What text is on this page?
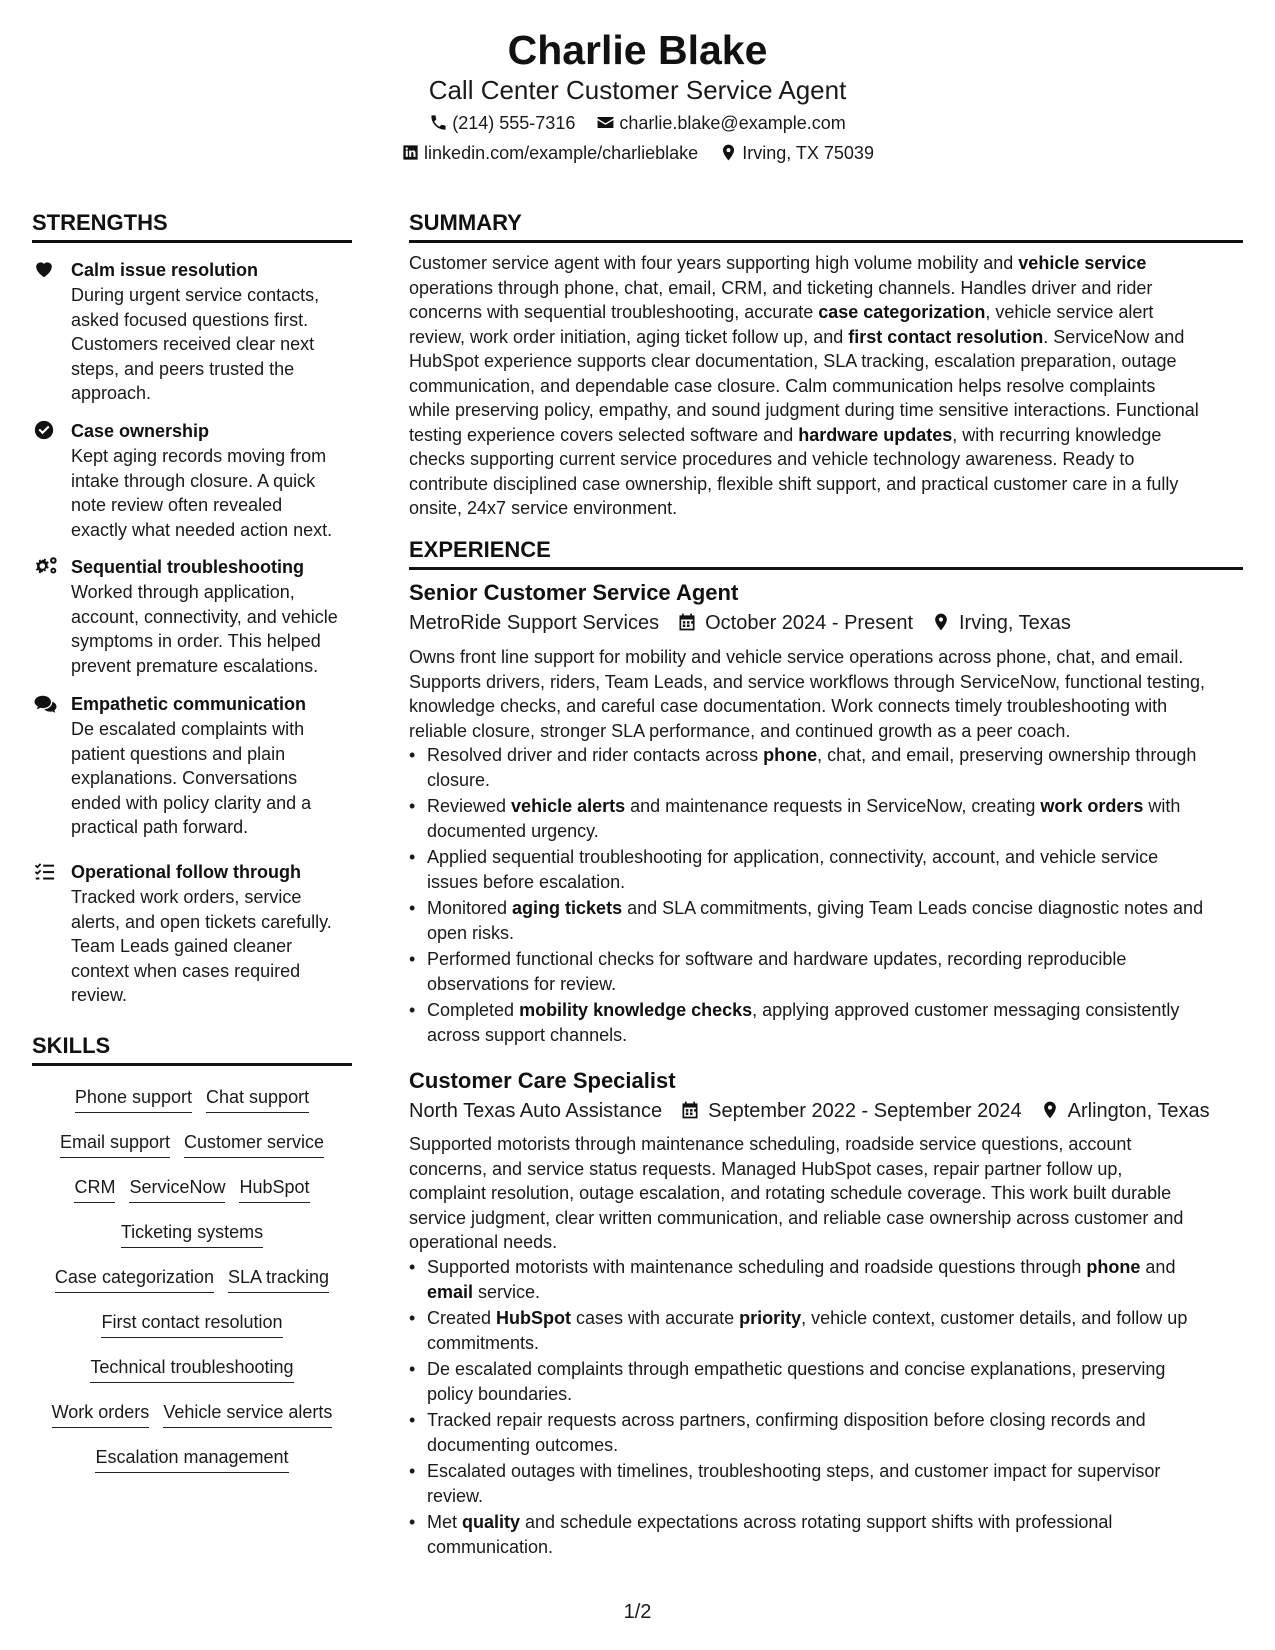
Charlie Blake
Call Center Customer Service Agent
(214) 555-7316 charlie.blake@example.com
linkedin.com/example/charlieblake Irving, TX 75039
STRENGTHS
Calm issue resolution
During urgent service contacts,
asked focused questions first.
Customers received clear next
steps, and peers trusted the
approach.
Case ownership
Kept aging records moving from
intake through closure. A quick
note review often revealed
exactly what needed action next.
Sequential troubleshooting
Worked through application,
account, connectivity, and vehicle
symptoms in order. This helped
prevent premature escalations.
Empathetic communication
De escalated complaints with
patient questions and plain
explanations. Conversations
ended with policy clarity and a
practical path forward.
Operational follow through
Tracked work orders, service
alerts, and open tickets carefully.
Team Leads gained cleaner
context when cases required
review.
SKILLS
Phone support Chat support
Email support Customer service
CRM ServiceNow HubSpot
Ticketing systems
Case categorization SLA tracking
First contact resolution
Technical troubleshooting
Work orders Vehicle service alerts
Escalation management
SUMMARY
Customer service agent with four years supporting high volume mobility and vehicle service
operations through phone, chat, email, CRM, and ticketing channels. Handles driver and rider
concerns with sequential troubleshooting, accurate case categorization, vehicle service alert
review, work order initiation, aging ticket follow up, and first contact resolution. ServiceNow and
HubSpot experience supports clear documentation, SLA tracking, escalation preparation, outage
communication, and dependable case closure. Calm communication helps resolve complaints
while preserving policy, empathy, and sound judgment during time sensitive interactions. Functional
testing experience covers selected software and hardware updates, with recurring knowledge
checks supporting current service procedures and vehicle technology awareness. Ready to
contribute disciplined case ownership, flexible shift support, and practical customer care in a fully
onsite, 24x7 service environment.
EXPERIENCE
Senior Customer Service Agent
MetroRide Support Services October 2024 - Present Irving, Texas
Owns front line support for mobility and vehicle service operations across phone, chat, and email.
Supports drivers, riders, Team Leads, and service workflows through ServiceNow, functional testing,
knowledge checks, and careful case documentation. Work connects timely troubleshooting with
reliable closure, stronger SLA performance, and continued growth as a peer coach.
• Resolved driver and rider contacts across phone, chat, and email, preserving ownership through
closure.
• Reviewed vehicle alerts and maintenance requests in ServiceNow, creating work orders with
documented urgency.
• Applied sequential troubleshooting for application, connectivity, account, and vehicle service
issues before escalation.
• Monitored aging tickets and SLA commitments, giving Team Leads concise diagnostic notes and
open risks.
• Performed functional checks for software and hardware updates, recording reproducible
observations for review.
• Completed mobility knowledge checks, applying approved customer messaging consistently
across support channels.
Customer Care Specialist
North Texas Auto Assistance September 2022 - September 2024 Arlington, Texas
Supported motorists through maintenance scheduling, roadside service questions, account
concerns, and service status requests. Managed HubSpot cases, repair partner follow up,
complaint resolution, outage escalation, and rotating schedule coverage. This work built durable
service judgment, clear written communication, and reliable case ownership across customer and
operational needs.
• Supported motorists with maintenance scheduling and roadside questions through phone and
email service.
• Created HubSpot cases with accurate priority, vehicle context, customer details, and follow up
commitments.
• De escalated complaints through empathetic questions and concise explanations, preserving
policy boundaries.
• Tracked repair requests across partners, confirming disposition before closing records and
documenting outcomes.
• Escalated outages with timelines, troubleshooting steps, and customer impact for supervisor
review.
• Met quality and schedule expectations across rotating support shifts with professional
communication.
1/2
